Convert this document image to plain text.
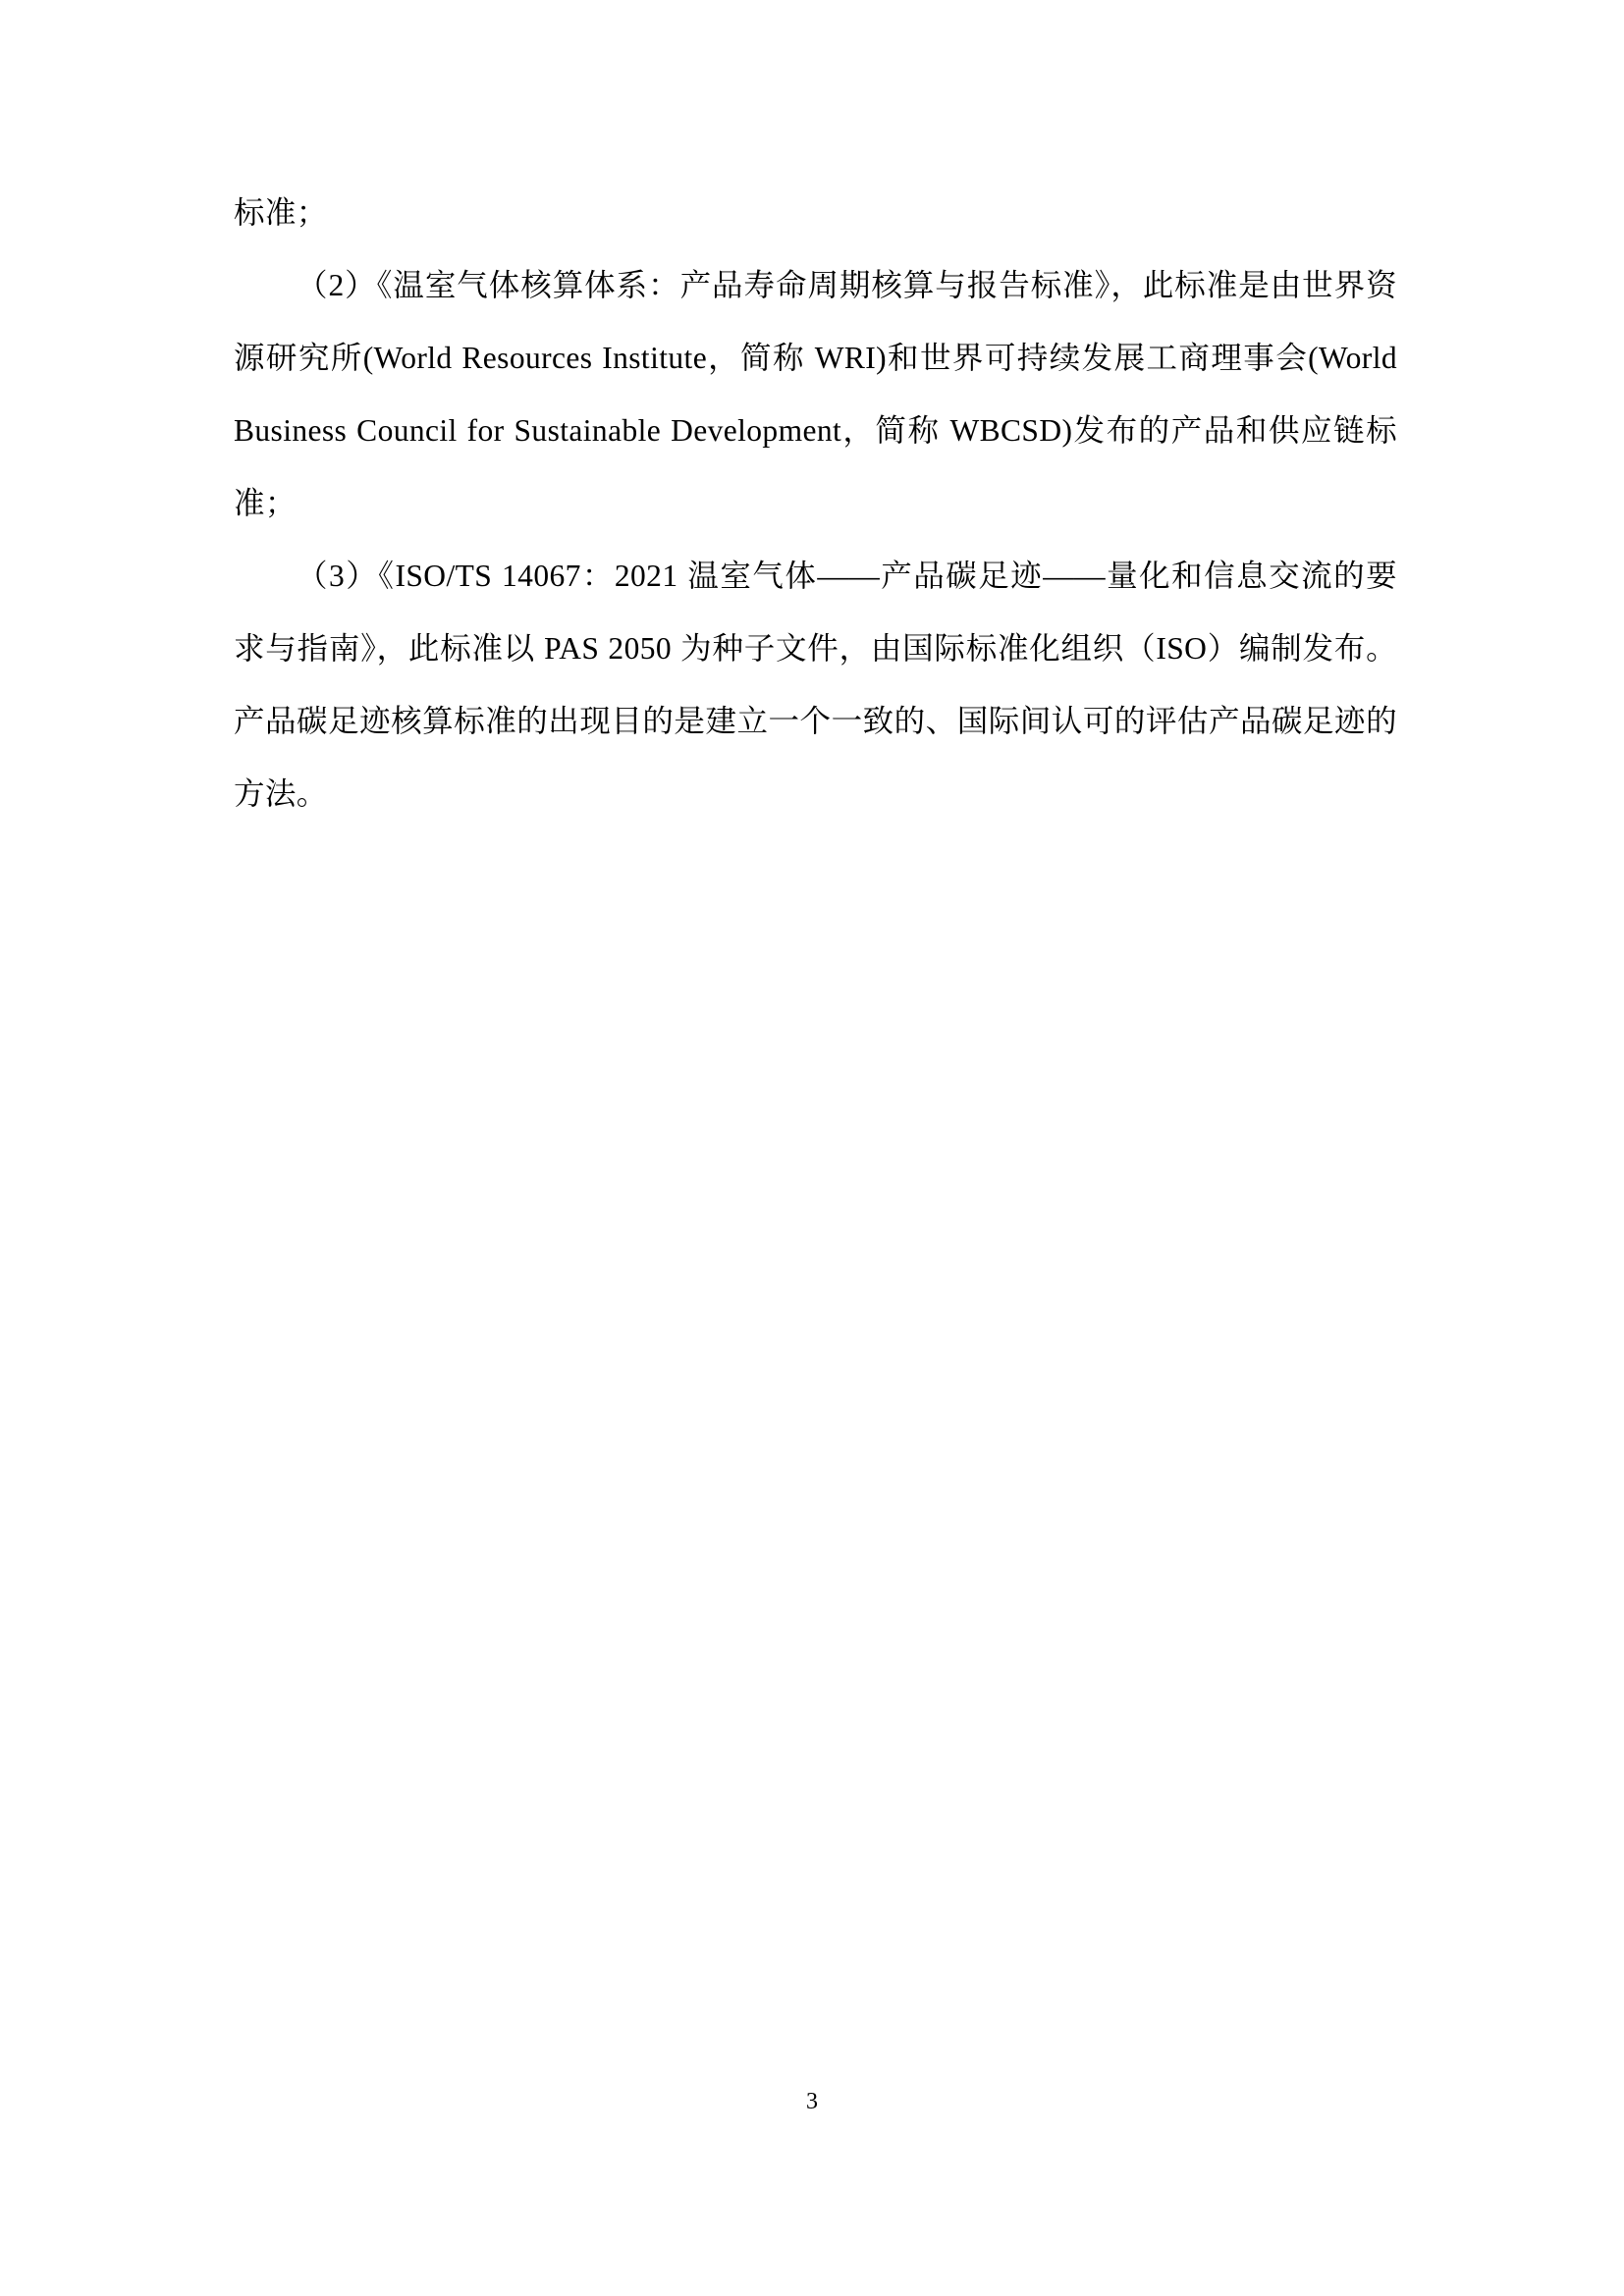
标准；

（2）《温室气体核算体系：产品寿命周期核算与报告标准》，此标准是由世界资源研究所(World Resources Institute，简称 WRI)和世界可持续发展工商理事会(World Business Council for Sustainable Development，简称 WBCSD)发布的产品和供应链标准；

（3）《ISO/TS 14067：2021 温室气体——产品碳足迹——量化和信息交流的要求与指南》，此标准以 PAS 2050 为种子文件，由国际标准化组织（ISO）编制发布。产品碳足迹核算标准的出现目的是建立一个一致的、国际间认可的评估产品碳足迹的方法。

3
